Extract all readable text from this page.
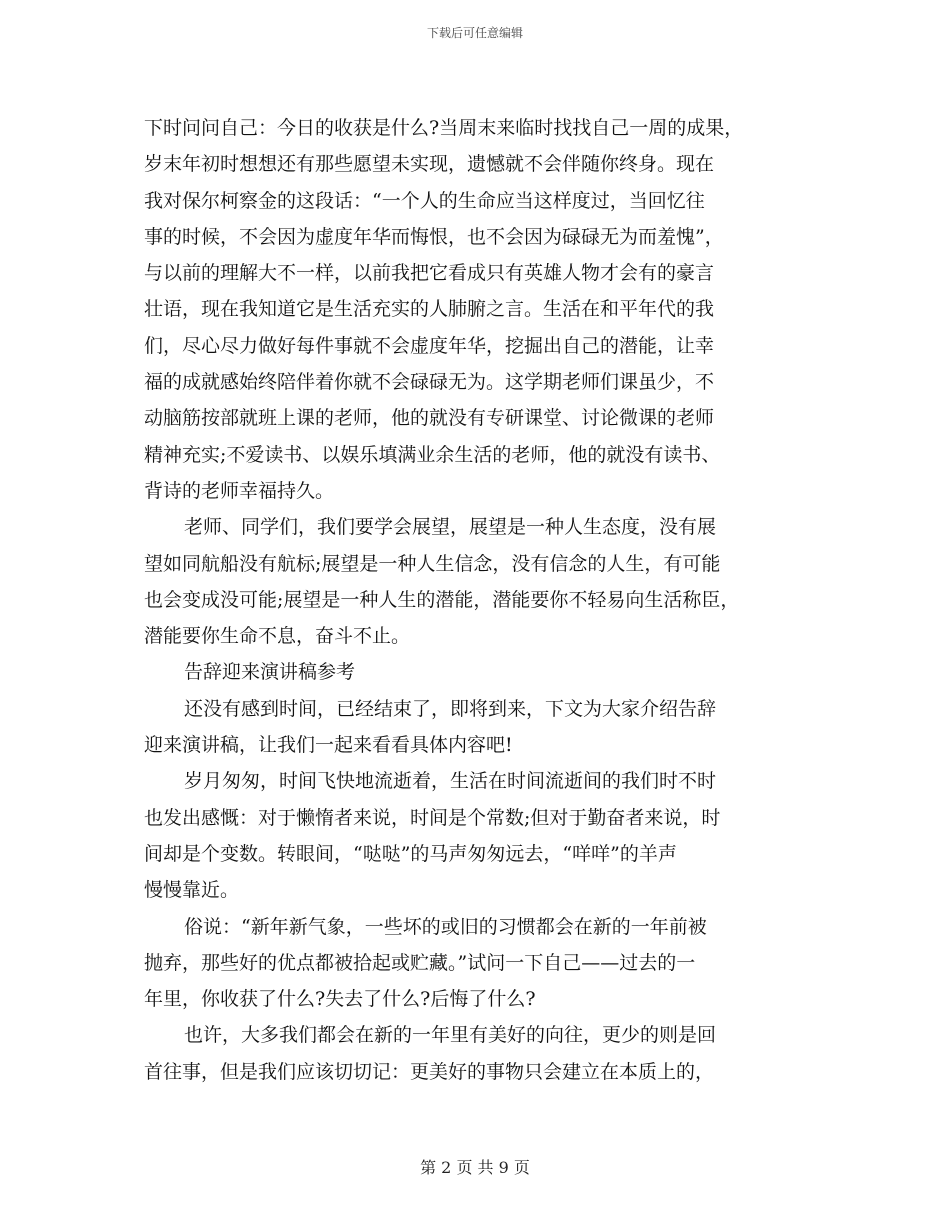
下载后可任意编辑
下时问问自己：今日的收获是什么?当周末来临时找找自己一周的成果，
岁末年初时想想还有那些愿望未实现，遗憾就不会伴随你终身。现在
我对保尔柯察金的这段话：“一个人的生命应当这样度过，当回忆往
事的时候，不会因为虚度年华而悔恨，也不会因为碌碌无为而羞愧”，
与以前的理解大不一样，以前我把它看成只有英雄人物才会有的豪言
壮语，现在我知道它是生活充实的人肺腑之言。生活在和平年代的我
们，尽心尽力做好每件事就不会虚度年华，挖掘出自己的潜能，让幸
福的成就感始终陪伴着你就不会碌碌无为。这学期老师们课虽少，不
动脑筋按部就班上课的老师，他的就没有专研课堂、讨论微课的老师
精神充实;不爱读书、以娱乐填满业余生活的老师，他的就没有读书、
背诗的老师幸福持久。
老师、同学们，我们要学会展望，展望是一种人生态度，没有展
望如同航船没有航标;展望是一种人生信念，没有信念的人生，有可能
也会变成没可能;展望是一种人生的潜能，潜能要你不轻易向生活称臣，
潜能要你生命不息，奋斗不止。
告辞迎来演讲稿参考
还没有感到时间，已经结束了，即将到来，下文为大家介绍告辞
迎来演讲稿，让我们一起来看看具体内容吧!
岁月匆匆，时间飞快地流逝着，生活在时间流逝间的我们时不时
也发出感慨：对于懒惰者来说，时间是个常数;但对于勤奋者来说，时
间却是个变数。转眼间，“哒哒”的马声匆匆远去，“咩咩”的羊声
慢慢靠近。
俗说：“新年新气象，一些坏的或旧的习惯都会在新的一年前被
抛弃，那些好的优点都被拾起或贮藏。”试问一下自己——过去的一
年里，你收获了什么?失去了什么?后悔了什么?
也许，大多我们都会在新的一年里有美好的向往，更少的则是回
首往事，但是我们应该切切记：更美好的事物只会建立在本质上的，
第 2 页 共 9 页
